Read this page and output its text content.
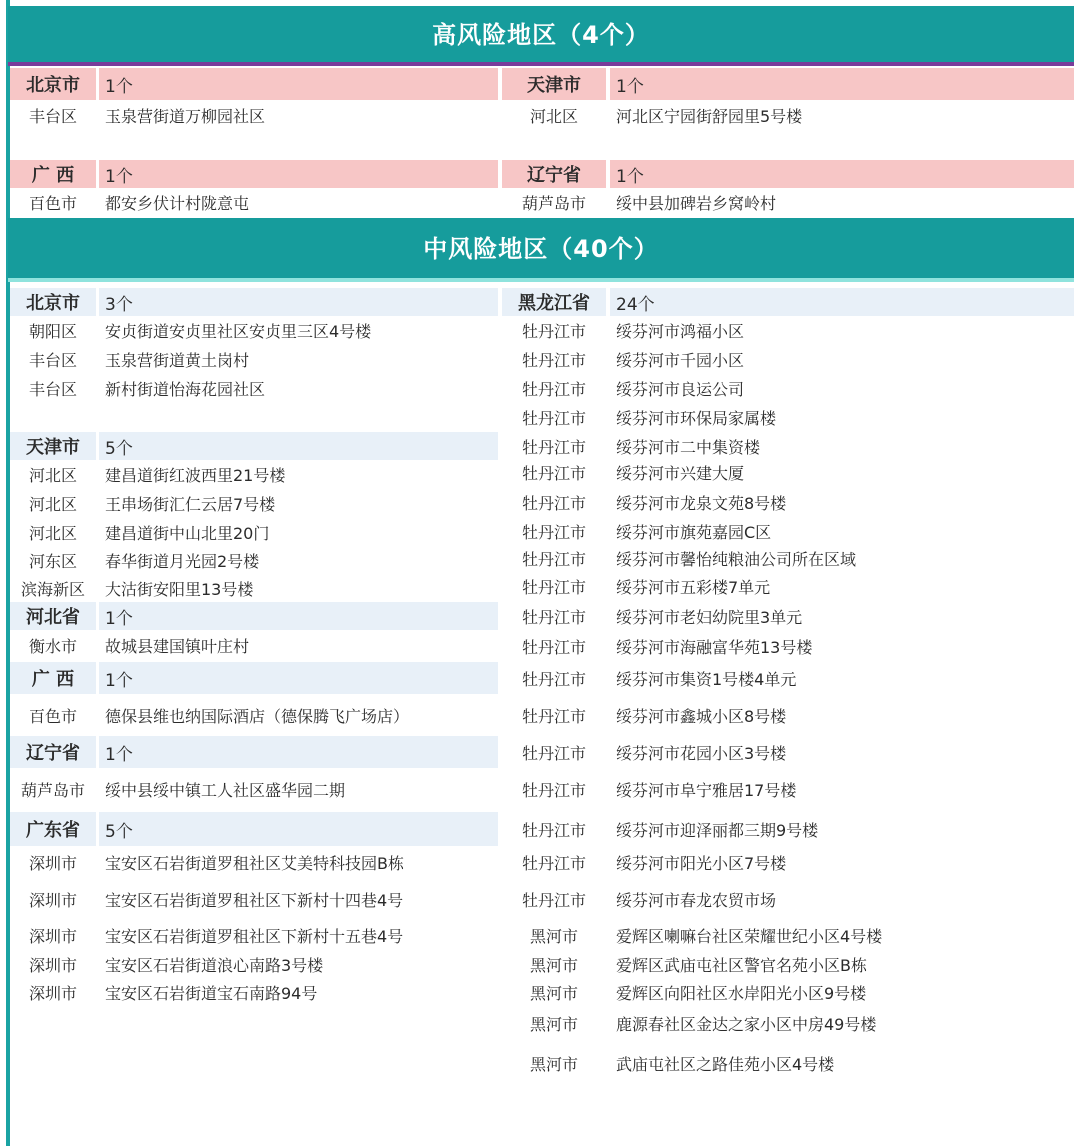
高风险地区（4个）
北京市	1个
丰台区	玉泉营街道万柳园社区
广 西	1个
百色市	都安乡伏计村陇意屯
天津市	1个
河北区	河北区宁园街舒园里5号楼
辽宁省	1个
葫芦岛市	绥中县加碑岩乡窝岭村
中风险地区（40个）
北京市	3个
朝阳区	安贞街道安贞里社区安贞里三区4号楼
丰台区	玉泉营街道黄土岗村
丰台区	新村街道怡海花园社区
天津市	5个
河北区	建昌道街红波西里21号楼
河北区	王串场街汇仁云居7号楼
河北区	建昌道街中山北里20门
河东区	春华街道月光园2号楼
滨海新区	大沽街安阳里13号楼
河北省	1个
衡水市	故城县建国镇叶庄村
广 西	1个
百色市	德保县维也纳国际酒店（德保腾飞广场店）
辽宁省	1个
葫芦岛市	绥中县绥中镇工人社区盛华园二期
广东省	5个
深圳市	宝安区石岩街道罗租社区艾美特科技园B栋
深圳市	宝安区石岩街道罗租社区下新村十四巷4号
深圳市	宝安区石岩街道罗租社区下新村十五巷4号
深圳市	宝安区石岩街道浪心南路3号楼
深圳市	宝安区石岩街道宝石南路94号
黑龙江省	24个
牡丹江市	绥芬河市鸿福小区
牡丹江市	绥芬河市千园小区
牡丹江市	绥芬河市良运公司
牡丹江市	绥芬河市环保局家属楼
牡丹江市	绥芬河市二中集资楼
牡丹江市	绥芬河市兴建大厦
牡丹江市	绥芬河市龙泉文苑8号楼
牡丹江市	绥芬河市旗苑嘉园C区
牡丹江市	绥芬河市馨怡纯粮油公司所在区域
牡丹江市	绥芬河市五彩楼7单元
牡丹江市	绥芬河市老妇幼院里3单元
牡丹江市	绥芬河市海融富华苑13号楼
牡丹江市	绥芬河市集资1号楼4单元
牡丹江市	绥芬河市鑫城小区8号楼
牡丹江市	绥芬河市花园小区3号楼
牡丹江市	绥芬河市阜宁雅居17号楼
牡丹江市	绥芬河市迎泽丽都三期9号楼
牡丹江市	绥芬河市阳光小区7号楼
牡丹江市	绥芬河市春龙农贸市场
黑河市	爱辉区喇嘛台社区荣耀世纪小区4号楼
黑河市	爱辉区武庙屯社区警官名苑小区B栋
黑河市	爱辉区向阳社区水岸阳光小区9号楼
黑河市	鹿源春社区金达之家小区中房49号楼
黑河市	武庙屯社区之路佳苑小区4号楼
